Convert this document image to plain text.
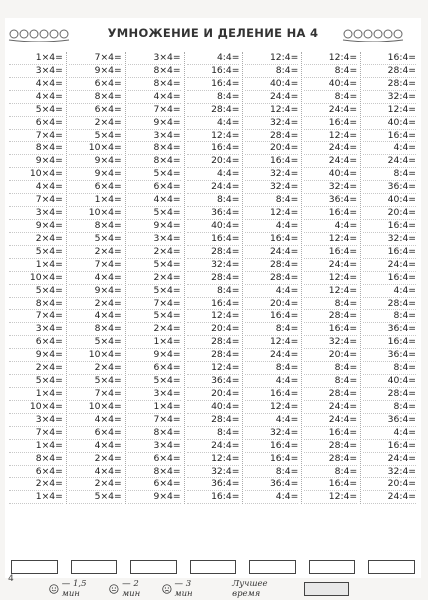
УМНОЖЕНИЕ И ДЕЛЕНИЕ НА 4
1×4=
3×4=
4×4=
4×4=
5×4=
6×4=
7×4=
8×4=
9×4=
10×4=
4×4=
7×4=
3×4=
9×4=
2×4=
5×4=
1×4=
10×4=
5×4=
8×4=
7×4=
3×4=
6×4=
9×4=
2×4=
5×4=
1×4=
10×4=
3×4=
7×4=
1×4=
8×4=
6×4=
2×4=
1×4=
7×4=
9×4=
6×4=
8×4=
6×4=
2×4=
5×4=
10×4=
9×4=
9×4=
6×4=
1×4=
10×4=
8×4=
5×4=
2×4=
7×4=
4×4=
9×4=
2×4=
4×4=
8×4=
5×4=
10×4=
2×4=
5×4=
7×4=
10×4=
4×4=
6×4=
4×4=
2×4=
4×4=
2×4=
5×4=
3×4=
8×4=
8×4=
4×4=
7×4=
9×4=
3×4=
8×4=
8×4=
5×4=
6×4=
4×4=
5×4=
9×4=
3×4=
2×4=
5×4=
2×4=
5×4=
7×4=
5×4=
2×4=
1×4=
9×4=
6×4=
5×4=
3×4=
1×4=
7×4=
8×4=
3×4=
6×4=
8×4=
6×4=
9×4=
4:4=
16:4=
16:4=
8:4=
28:4=
4:4=
12:4=
16:4=
20:4=
4:4=
24:4=
8:4=
36:4=
40:4=
16:4=
28:4=
32:4=
28:4=
8:4=
16:4=
12:4=
20:4=
28:4=
28:4=
12:4=
36:4=
20:4=
40:4=
28:4=
8:4=
24:4=
12:4=
32:4=
36:4=
16:4=
12:4=
8:4=
40:4=
24:4=
12:4=
32:4=
28:4=
20:4=
16:4=
32:4=
32:4=
8:4=
12:4=
4:4=
16:4=
24:4=
28:4=
28:4=
4:4=
20:4=
16:4=
8:4=
12:4=
24:4=
8:4=
4:4=
16:4=
12:4=
4:4=
32:4=
16:4=
16:4=
8:4=
36:4=
4:4=
12:4=
8:4=
40:4=
8:4=
24:4=
16:4=
12:4=
24:4=
24:4=
40:4=
32:4=
36:4=
16:4=
4:4=
12:4=
16:4=
24:4=
12:4=
12:4=
8:4=
28:4=
16:4=
32:4=
20:4=
8:4=
8:4=
28:4=
24:4=
24:4=
16:4=
28:4=
28:4=
8:4=
16:4=
12:4=
16:4=
28:4=
28:4=
32:4=
12:4=
40:4=
16:4=
4:4=
24:4=
8:4=
36:4=
40:4=
20:4=
16:4=
32:4=
16:4=
24:4=
16:4=
4:4=
28:4=
8:4=
36:4=
16:4=
36:4=
8:4=
40:4=
28:4=
8:4=
36:4=
4:4=
16:4=
24:4=
32:4=
20:4=
24:4=
— 1,5 мин
— 2 мин
— 3 мин
Лучшее время
4
